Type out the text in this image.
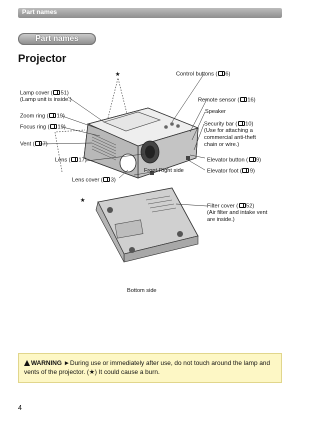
Part names
Part names
Projector
★
★
Lamp cover ( 51)
(Lamp unit is inside.)
Zoom ring ( 19)
Focus ring ( 19)
Vent ( 7)
Lens ( 17)
Lens cover ( 3)
Control buttons ( 6)
Remote sensor ( 16)
Speaker
Security bar ( 10)
(Use for attaching a
commercial anti-theft
chain or wire.)
Elevator button ( 9)
Elevator foot ( 9)
Front-Right side
Filter cover ( 52)
(Air filter and intake vent
are inside.)
Bottom side
WARNING ►During use or immediately after use, do not touch around the lamp and vents of the projector. (★) It could cause a burn.
4
